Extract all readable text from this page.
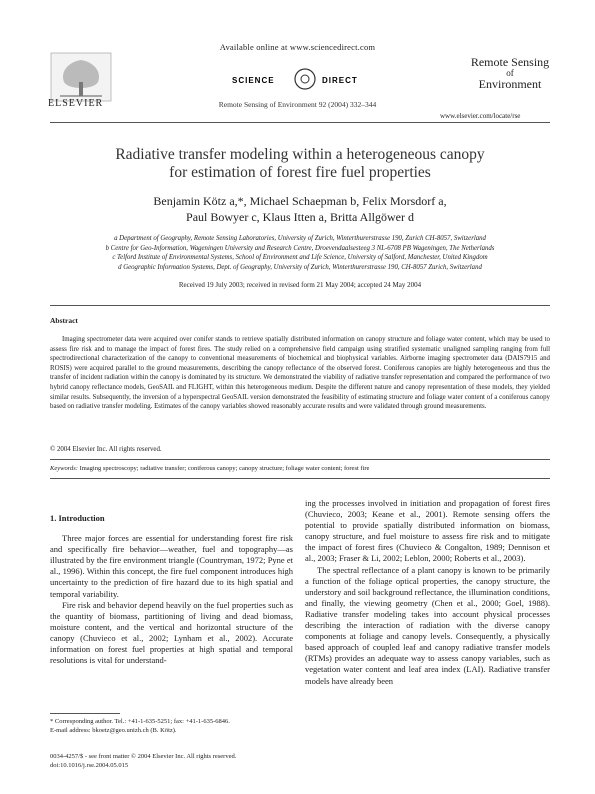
Available online at www.sciencedirect.com
SCIENCE	DIRECT
ELSEVIER	Remote Sensing of Environment 92 (2004) 332–344
Remote Sensing
of
Environment
www.elsevier.com/locate/rse
Radiative transfer modeling within a heterogeneous canopy
for estimation of forest fire fuel properties
Benjamin Kötz a,*, Michael Schaepman b, Felix Morsdorf a,
Paul Bowyer c, Klaus Itten a, Britta Allgöwer d
a Department of Geography, Remote Sensing Laboratories, University of Zurich, Winterthurerstrasse 190, Zurich CH-8057, Switzerland
b Centre for Geo-Information, Wageningen University and Research Centre, Droevendaalsesteeg 3 NL-6708 PB Wageningen, The Netherlands
c Telford Institute of Environmental Systems, School of Environment and Life Science, University of Salford, Manchester, United Kingdom
d Geographic Information Systems, Dept. of Geography, University of Zurich, Winterthurerstrasse 190, CH-8057 Zurich, Switzerland
Received 19 July 2003; received in revised form 21 May 2004; accepted 24 May 2004
Abstract
Imaging spectrometer data were acquired over conifer stands to retrieve spatially distributed information on canopy structure and foliage water content, which may be used to assess fire risk and to manage the impact of forest fires. The study relied on a comprehensive field campaign using stratified systematic unaligned sampling ranging from full spectrodirectional characterization of the canopy to conventional measurements of biochemical and biophysical variables. Airborne imaging spectrometer data (DAIS7915 and ROSIS) were acquired parallel to the ground measurements, describing the canopy reflectance of the observed forest. Coniferous canopies are highly heterogeneous and thus the transfer of incident radiation within the canopy is dominated by its structure. We demonstrated the viability of radiative transfer representation and compared the performance of two hybrid canopy reflectance models, GeoSAIL and FLIGHT, within this heterogeneous medium. Despite the different nature and canopy representation of these models, they yielded similar results. Subsequently, the inversion of a hyperspectral GeoSAIL version demonstrated the feasibility of estimating structure and foliage water content of a coniferous canopy based on radiative transfer modeling. Estimates of the canopy variables showed reasonably accurate results and were validated through ground measurements.
© 2004 Elsevier Inc. All rights reserved.
Keywords: Imaging spectroscopy; radiative transfer; coniferous canopy; canopy structure; foliage water content; forest fire

1. Introduction

Three major forces are essential for understanding forest fire risk and specifically fire behavior—weather, fuel and topography—as illustrated by the fire environment triangle (Countryman, 1972; Pyne et al., 1996). Within this concept, the fire fuel component introduces high uncertainty to the prediction of fire hazard due to its high spatial and temporal variability.

Fire risk and behavior depend heavily on the fuel properties such as the quantity of biomass, partitioning of living and dead biomass, moisture content, and the vertical and horizontal structure of the canopy (Chuvieco et al., 2002; Lynham et al., 2002). Accurate information on forest fuel properties at high spatial and temporal resolutions is vital for understand-

ing the processes involved in initiation and propagation of forest fires (Chuvieco, 2003; Keane et al., 2001). Remote sensing offers the potential to provide spatially distributed information on biomass, canopy structure, and fuel moisture to assess fire risk and to mitigate the impact of forest fires (Chuvieco & Congalton, 1989; Dennison et al., 2003; Fraser & Li, 2002; Leblon, 2000; Roberts et al., 2003).

The spectral reflectance of a plant canopy is known to be primarily a function of the foliage optical properties, the canopy structure, the understory and soil background reflectance, the illumination conditions, and finally, the viewing geometry (Chen et al., 2000; Goel, 1988). Radiative transfer modeling takes into account physical processes describing the interaction of radiation with the diverse canopy components at foliage and canopy levels. Consequently, a physically based approach of coupled leaf and canopy radiative transfer models (RTMs) provides an adequate way to assess canopy variables, such as vegetation water content and leaf area index (LAI). Radiative transfer models have already been

* Corresponding author. Tel.: +41-1-635-5251; fax: +41-1-635-6846.
E-mail address: bkoetz@geo.unizh.ch (B. Kötz).
0034-4257/$ - see front matter © 2004 Elsevier Inc. All rights reserved.
doi:10.1016/j.rse.2004.05.015
